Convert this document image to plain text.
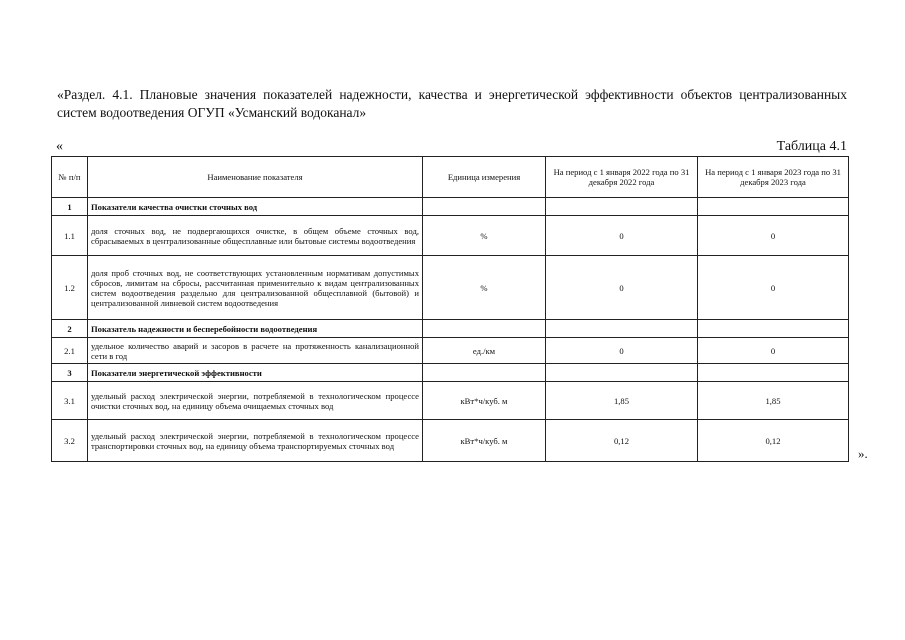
«Раздел. 4.1. Плановые значения показателей надежности, качества и энергетической эффективности объектов централизованных систем водоотведения ОГУП «Усманский водоканал»
«	Таблица 4.1
№ п/п	Наименование показателя	Единица измерения	На период с 1 января 2022 года по 31 декабря 2022 года	На период с 1 января 2023 года по 31 декабря 2023 года
1	Показатели качества очистки сточных вод			
1.1	доля сточных вод, не подвергающихся очистке, в общем объеме сточных вод, сбрасываемых в централизованные общесплавные или бытовые системы водоотведения	%	0	0
1.2	доля проб сточных вод, не соответствующих установленным нормативам допустимых сбросов, лимитам на сбросы, рассчитанная применительно к видам централизованных систем водоотведения раздельно для централизованной общесплавной (бытовой) и централизованной ливневой систем водоотведения	%	0	0
2	Показатель надежности и бесперебойности водоотведения			
2.1	удельное количество аварий и засоров в расчете на протяженность канализационной сети в год	ед./км	0	0
3	Показатели энергетической эффективности			
3.1	удельный расход электрической энергии, потребляемой в технологическом процессе очистки сточных вод, на единицу объема очищаемых сточных вод	кВт*ч/куб. м	1,85	1,85
3.2	удельный расход электрической энергии, потребляемой в технологическом процессе транспортировки сточных вод, на единицу объема транспортируемых сточных вод	кВт*ч/куб. м	0,12	0,12
».
